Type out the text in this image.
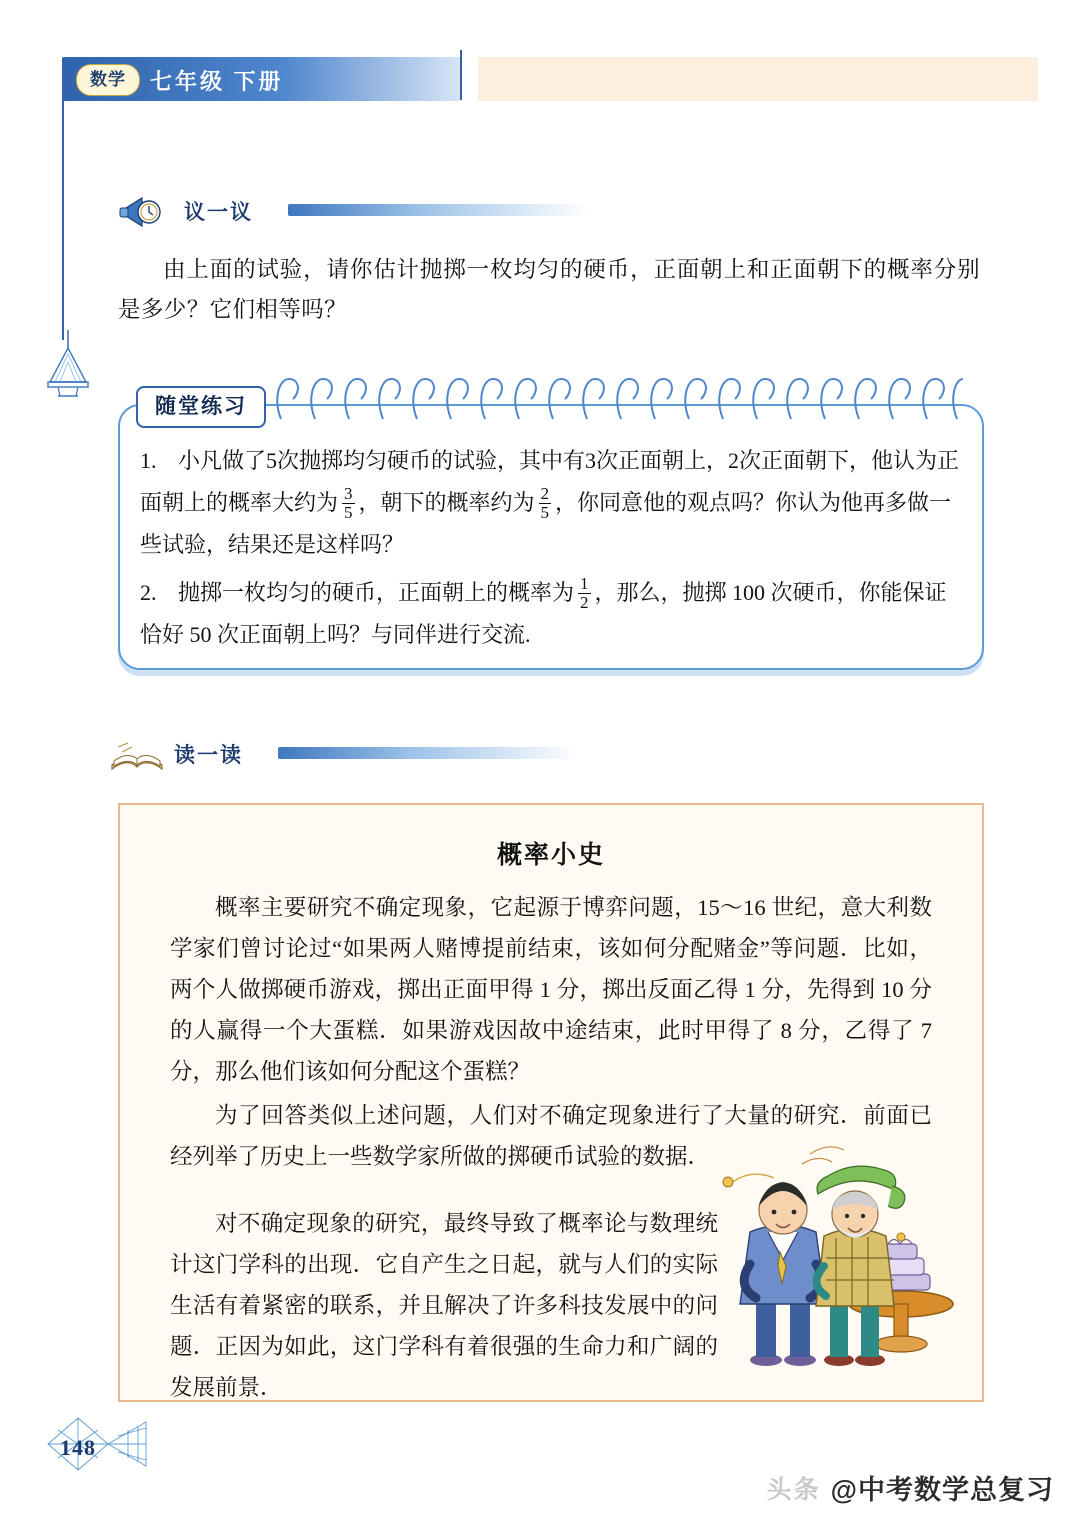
数学	七年级 下册
议一议
由上面的试验，请你估计抛掷一枚均匀的硬币，正面朝上和正面朝下的概率分别是多少？它们相等吗？
随堂练习
1. 小凡做了5次抛掷均匀硬币的试验，其中有3次正面朝上，2次正面朝下，他认为正面朝上的概率大约为 $\frac{3}{5}$ ，朝下的概率约为 $\frac{2}{5}$ ，你同意他的观点吗？你认为他再多做一些试验，结果还是这样吗？
2. 抛掷一枚均匀的硬币，正面朝上的概率为 $\frac{1}{2}$ ，那么，抛掷 100 次硬币，你能保证恰好 50 次正面朝上吗？与同伴进行交流.
读一读
概率小史
概率主要研究不确定现象，它起源于博弈问题，15～16 世纪，意大利数学家们曾讨论过“如果两人赌博提前结束，该如何分配赌金”等问题．比如，两个人做掷硬币游戏，掷出正面甲得 1 分，掷出反面乙得 1 分，先得到 10 分的人赢得一个大蛋糕．如果游戏因故中途结束，此时甲得了 8 分，乙得了 7 分，那么他们该如何分配这个蛋糕？
为了回答类似上述问题，人们对不确定现象进行了大量的研究．前面已经列举了历史上一些数学家所做的掷硬币试验的数据．
对不确定现象的研究，最终导致了概率论与数理统计这门学科的出现．它自产生之日起，就与人们的实际生活有着紧密的联系，并且解决了许多科技发展中的问题．正因为如此，这门学科有着很强的生命力和广阔的发展前景．
148
头条 @中考数学总复习
